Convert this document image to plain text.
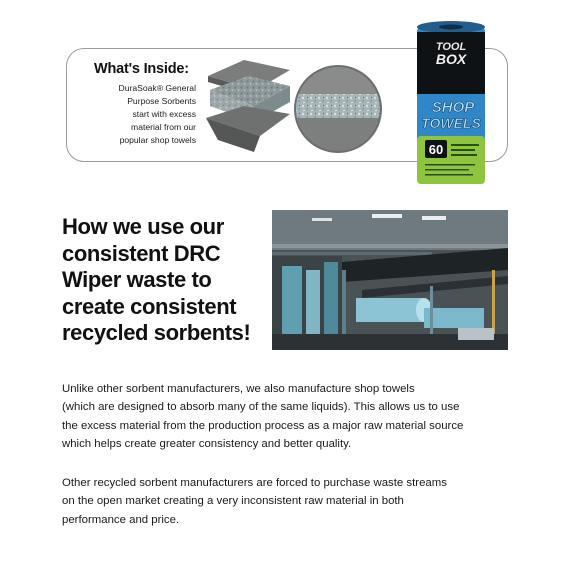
What's Inside:
DuraSoak® General
Purpose Sorbents
start with excess
material from our
popular shop towels
TOOL
BOX
SHOP
TOWELS
60
How we use our
consistent DRC
Wiper waste to
create consistent
recycled sorbents!
Unlike other sorbent manufacturers, we also manufacture shop towels
(which are designed to absorb many of the same liquids). This allows us to use
the excess material from the production process as a major raw material source
which helps create greater consistency and better quality.
Other recycled sorbent manufacturers are forced to purchase waste streams
on the open market creating a very inconsistent raw material in both
performance and price.
